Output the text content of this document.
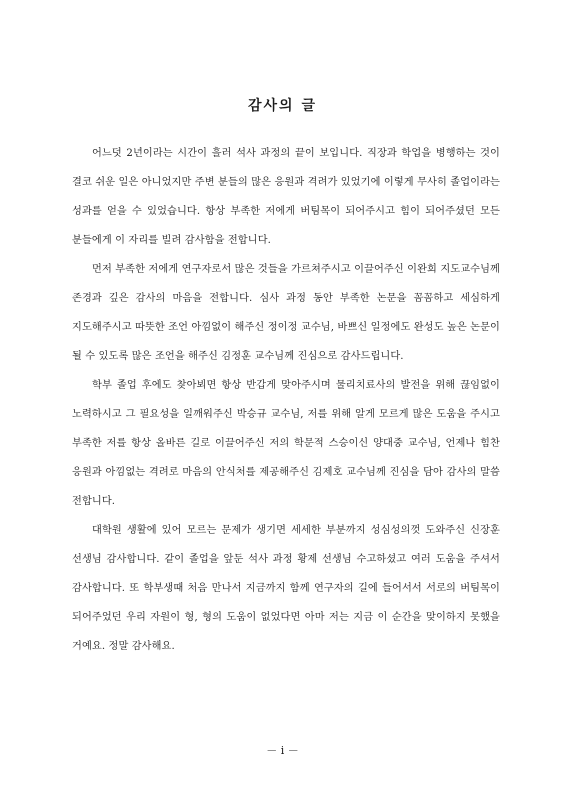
감사의 글

어느덧 2년이라는 시간이 흘러 석사 과정의 끝이 보입니다. 직장과 학업을 병행하는 것이 결코 쉬운 일은 아니었지만 주변 분들의 많은 응원과 격려가 있었기에 이렇게 무사히 졸업이라는 성과를 얻을 수 있었습니다. 항상 부족한 저에게 버팀목이 되어주시고 힘이 되어주셨던 모든 분들에게 이 자리를 빌려 감사함을 전합니다.

먼저 부족한 저에게 연구자로서 많은 것들을 가르쳐주시고 이끌어주신 이완희 지도교수님께 존경과 깊은 감사의 마음을 전합니다. 심사 과정 동안 부족한 논문을 꼼꼼하고 세심하게 지도해주시고 따뜻한 조언 아낌없이 해주신 정이정 교수님, 바쁘신 일정에도 완성도 높은 논문이 될 수 있도록 많은 조언을 해주신 김정훈 교수님께 진심으로 감사드립니다.

학부 졸업 후에도 찾아뵈면 항상 반갑게 맞아주시며 물리치료사의 발전을 위해 끊임없이 노력하시고 그 필요성을 일깨워주신 박승규 교수님, 저를 위해 알게 모르게 많은 도움을 주시고 부족한 저를 항상 올바른 길로 이끌어주신 저의 학문적 스승이신 양대중 교수님, 언제나 힘찬 응원과 아낌없는 격려로 마음의 안식처를 제공해주신 김제호 교수님께 진심을 담아 감사의 말씀 전합니다.

대학원 생활에 있어 모르는 문제가 생기면 세세한 부분까지 성심성의껏 도와주신 신장훈 선생님 감사합니다. 같이 졸업을 앞둔 석사 과정 황제 선생님 수고하셨고 여러 도움을 주셔서 감사합니다. 또 학부생때 처음 만나서 지금까지 함께 연구자의 길에 들어서서 서로의 버팀목이 되어주었던 우리 자원이 형, 형의 도움이 없었다면 아마 저는 지금 이 순간을 맞이하지 못했을 거예요. 정말 감사해요.

－ i －
